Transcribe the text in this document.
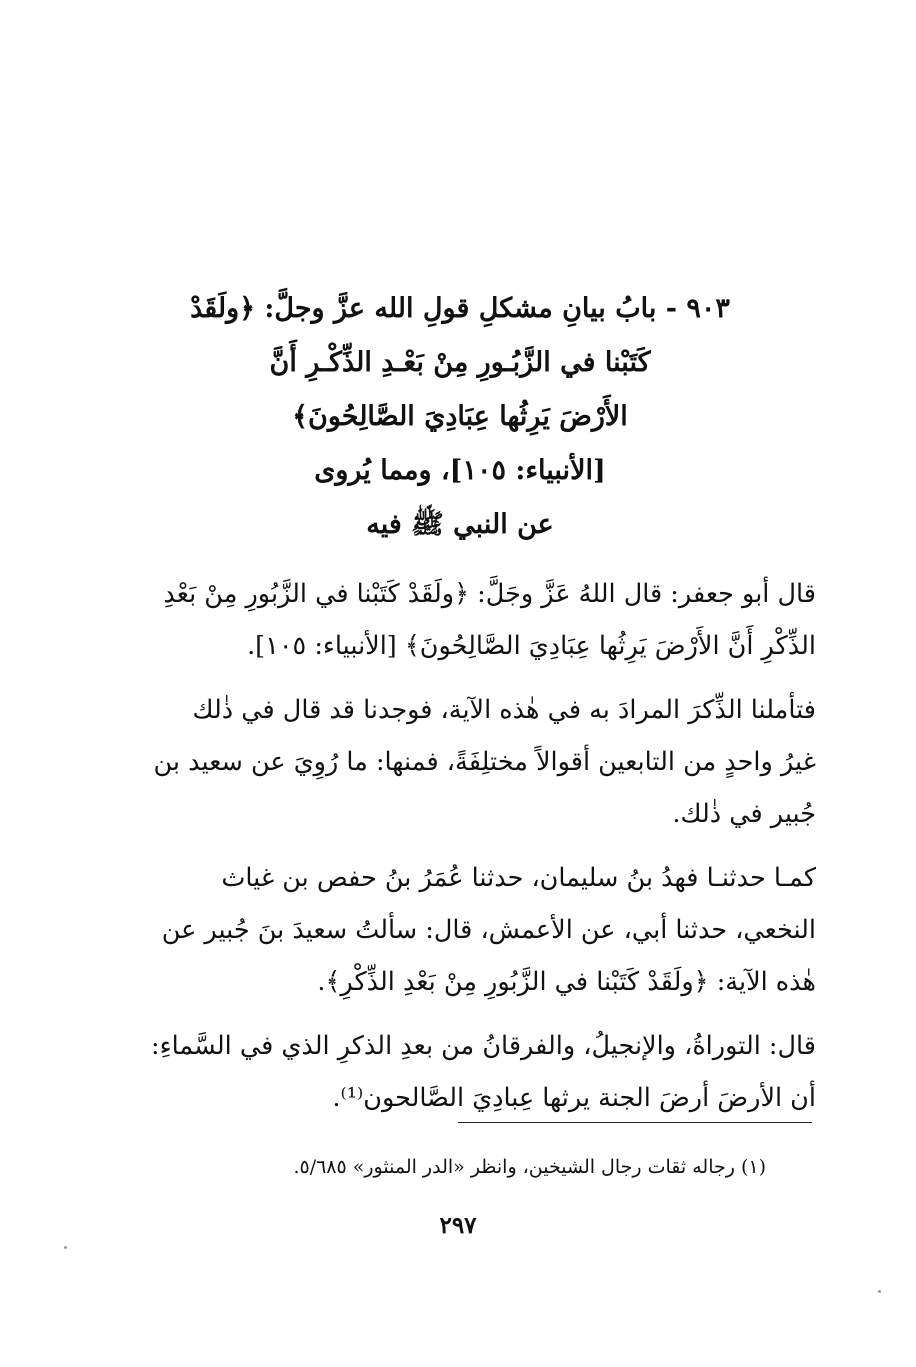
٩٠٣ - بابُ بيانِ مشكلِ قولِ الله عزَّ وجلَّ: ﴿ولَقَدْ
كَتَبْنا في الزَّبُـورِ مِنْ بَعْـدِ الذِّكْـرِ أَنَّ
الأَرْضَ يَرِثُها عِبَادِيَ الصَّالِحُونَ﴾
[الأنبياء: ١٠٥]، ومما يُروى
عن النبي ﷺ فيه
قال أبو جعفر: قال اللهُ عَزَّ وجَلَّ: ﴿ولَقَدْ كَتَبْنا في الزَّبُورِ مِنْ بَعْدِ
الذِّكْرِ أَنَّ الأَرْضَ يَرِثُها عِبَادِيَ الصَّالِحُونَ﴾ [الأنبياء: ١٠٥].
فتأملنا الذِّكرَ المرادَ به في هٰذه الآية، فوجدنا قد قال في ذٰلك
غيرُ واحدٍ من التابعين أقوالاً مختلِفَةً، فمنها: ما رُوِيَ عن سعيد بن
جُبير في ذٰلك.
كمـا حدثنـا فهدُ بنُ سليمان، حدثنا عُمَرُ بنُ حفص بن غياث
النخعي، حدثنا أبي، عن الأعمش، قال: سألتُ سعيدَ بنَ جُبير عن
هٰذه الآية: ﴿ولَقَدْ كَتَبْنا في الزَّبُورِ مِنْ بَعْدِ الذِّكْرِ﴾.
قال: التوراةُ، والإنجيلُ، والفرقانُ من بعدِ الذكرِ الذي في السَّماءِ:
أن الأرضَ أرضَ الجنة يرثها عِبادِيَ الصَّالحون⁽¹⁾.
(١) رجاله ثقات رجال الشيخين، وانظر «الدر المنثور» ٥/٦٨٥.
٢٩٧
